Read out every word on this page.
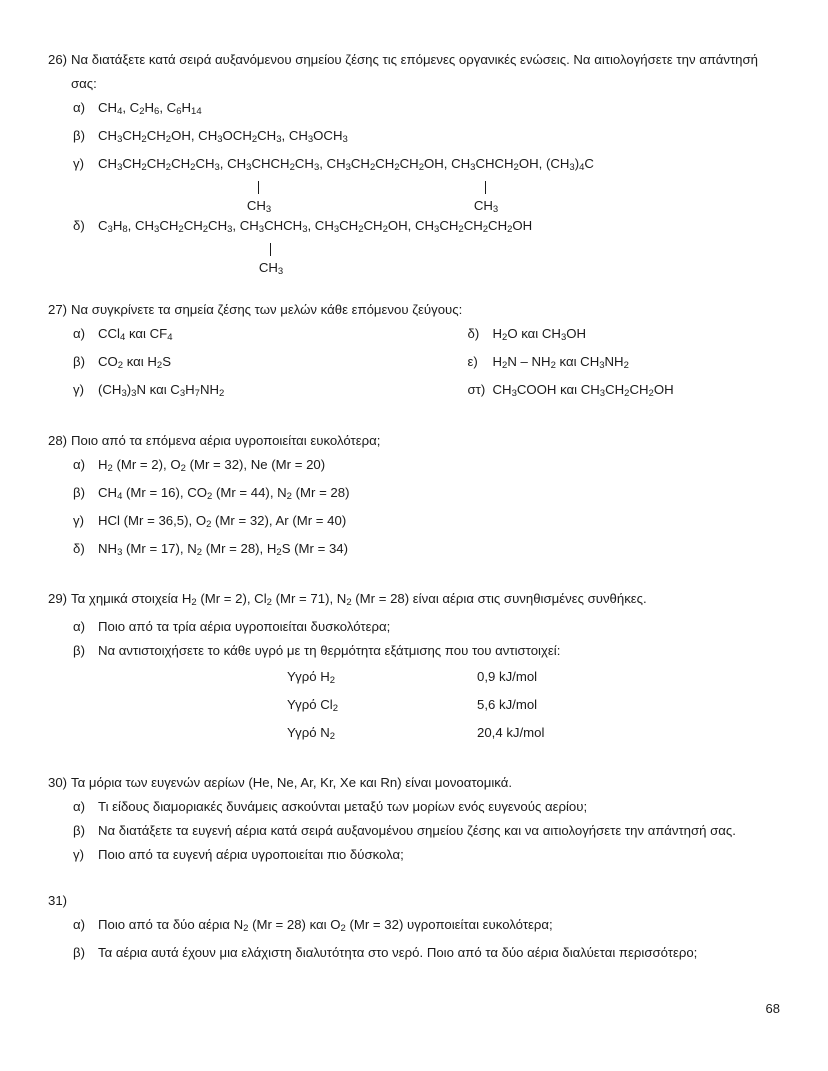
26) Να διατάξετε κατά σειρά αυξανόμενου σημείου ζέσης τις επόμενες οργανικές ενώσεις. Να αιτιολογήσετε την απάντησή σας:
α) $CH_4$, $C_2H_6$, $C_6H_{14}$
β) $CH_3CH_2CH_2OH$, $CH_3OCH_2CH_3$, $CH_3OCH_3$
γ)	$CH_3CH_2CH_2CH_2CH_3$, $CH_3CHCH_2CH_3$, $CH_3CH_2CH_2CH_2OH$, $CH_3CHCH_2OH$, $(CH_3)_4C$
$CH_3$	$CH_3$
δ)	$C_3H_8$, $CH_3CH_2CH_2CH_3$, $CH_3CHCH_3$, $CH_3CH_2CH_2OH$, $CH_3CH_2CH_2CH_2OH$
$CH_3$
27) Να συγκρίνετε τα σημεία ζέσης των μελών κάθε επόμενου ζεύγους:
α) CCl$_4$ και $CF_4$
β) $CO_2$ και $H_2S$
γ)	$(CH_3)_3N$ και $C_3H_7NH_2$
δ)	$H_2O$ και $CH_3OH$
ε)	$H_2N - NH_2$ και $CH_3NH_2$
στ) $CH_3COOH$ και $CH_3CH_2CH_2OH$
28) Ποιο από τα επόμενα αέρια υγροποιείται ευκολότερα;
α) $H_2$ (Mr = 2), $O_2$ (Mr = 32), Ne (Mr = 20)
β) $CH_4$ (Mr = 16), $CO_2$ (Mr = 44), $N_2$ (Mr = 28)
γ)	HCl (Mr = 36,5), $O_2$ (Mr = 32), Ar (Mr = 40)
δ)	$NH_3$ (Mr = 17), $N_2$ (Mr = 28), $H_2S$ (Mr = 34)
29) Τα χημικά στοιχεία $H_2$ (Mr = 2), $Cl_2$ (Mr = 71), $N_2$ (Mr = 28) είναι αέρια στις συνηθισμένες συνθήκες.
α) Ποιο από τα τρία αέρια υγροποιείται δυσκολότερα;
β) Να αντιστοιχήσετε το κάθε υγρό με τη θερμότητα εξάτμισης που του αντιστοιχεί:
Υγρό $H_2$	0,9 kJ/mol
Υγρό $Cl_2$	5,6 kJ/mol
Υγρό $N_2$	20,4 kJ/mol
30) Τα μόρια των ευγενών αερίων (He, Ne, Ar, Kr, Xe και Rn) είναι μονοατομικά.
α) Τι είδους διαμοριακές δυνάμεις ασκούνται μεταξύ των μορίων ενός ευγενούς αερίου;
β) Να διατάξετε τα ευγενή αέρια κατά σειρά αυξανομένου σημείου ζέσης και να αιτιολογήσετε την απάντησή σας.
γ)	Ποιο από τα ευγενή αέρια υγροποιείται πιο δύσκολα;
31)
α) Ποιο από τα δύο αέρια $N_2$ (Mr = 28) και $O_2$ (Mr = 32) υγροποιείται ευκολότερα;
β) Τα αέρια αυτά έχουν μια ελάχιστη διαλυτότητα στο νερό. Ποιο από τα δύο αέρια διαλύεται περισσότερο;
68
